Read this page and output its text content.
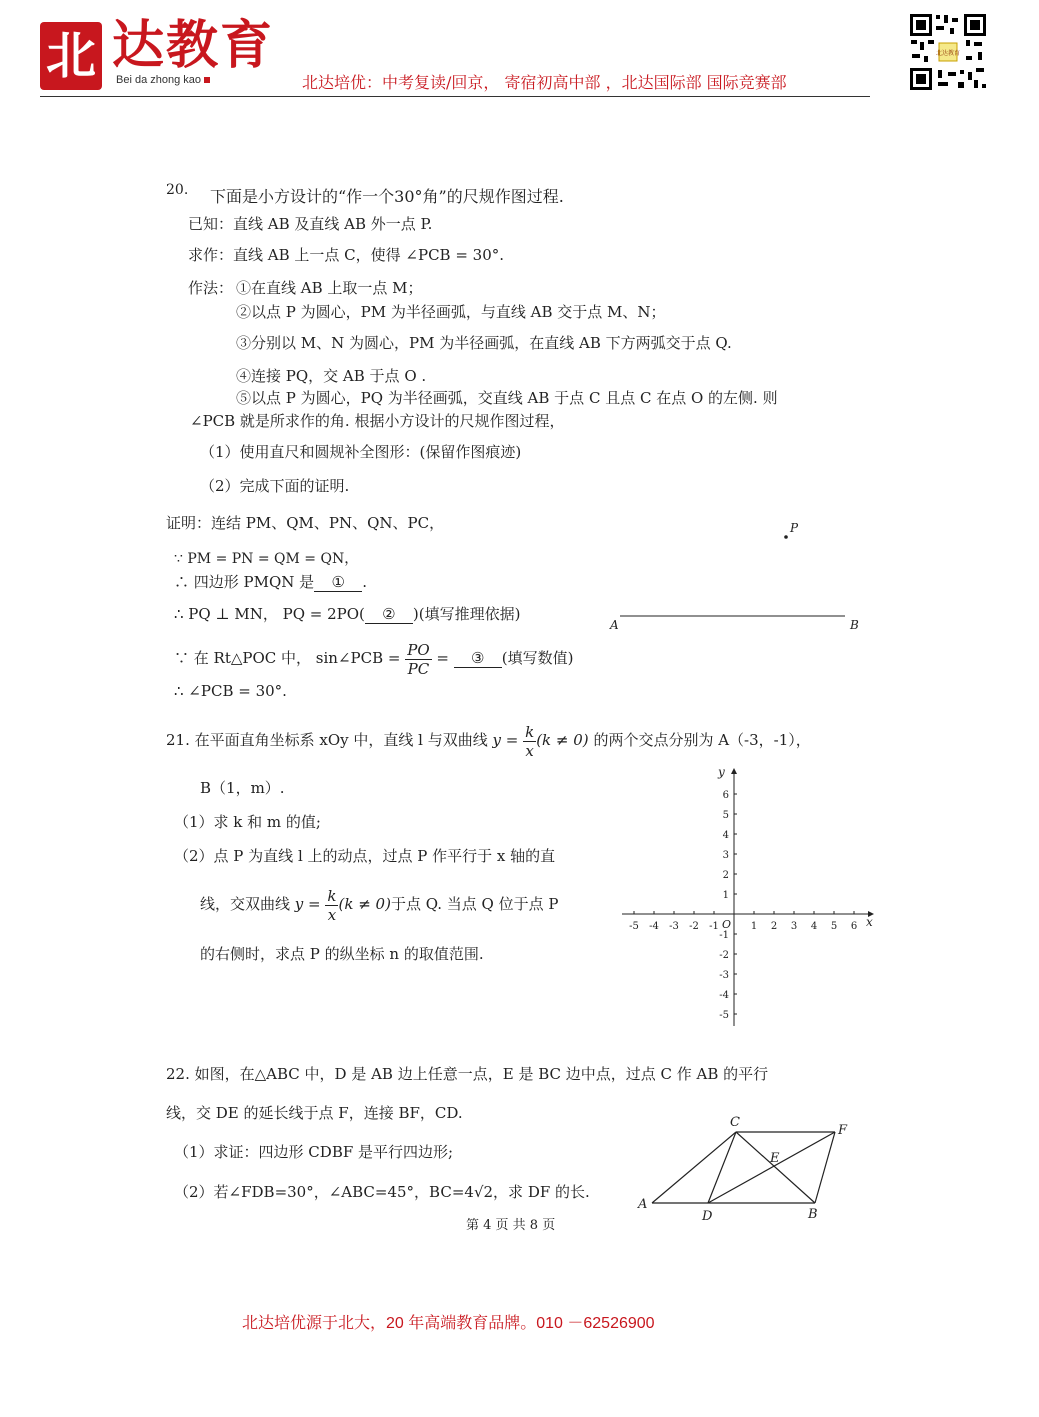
北 达教育
Bei da zhong kao	北达培优：中考复读/回京， 寄宿初高中部 ，北达国际部 国际竞赛部
北达教育
20. 下面是小方设计的“作一个30°角”的尺规作图过程.
已知：直线 AB 及直线 AB 外一点 P.
求作：直线 AB 上一点 C，使得 ∠PCB = 30°.
作法： ①在直线 AB 上取一点 M；
②以点 P 为圆心，PM 为半径画弧，与直线 AB 交于点 M、N；
③分别以 M、N 为圆心，PM 为半径画弧，在直线 AB 下方两弧交于点 Q.
④连接 PQ，交 AB 于点 O .
⑤以点 P 为圆心，PQ 为半径画弧，交直线 AB 于点 C 且点 C 在点 O 的左侧. 则
∠PCB 就是所求作的角. 根据小方设计的尺规作图过程，
（1）使用直尺和圆规补全图形：(保留作图痕迹)
（2）完成下面的证明.
证明：连结 PM、QM、PN、QN、PC，
∵ PM = PN = QM = QN，
∴ 四边形 PMQN 是 ① .
∴ PQ ⊥ MN， PQ = 2PO( ② )(填写推理依据)
∵ 在 Rt△POC 中， sin∠PCB = $\frac{PO}{PC}$ = ③ (填写数值)
∴ ∠PCB = 30°.
P
A	B
21. 在平面直角坐标系 xOy 中，直线 l 与双曲线 $y = \frac{k}{x} (k \ne 0)$ 的两个交点分别为 A（-3，-1），
B（1，m）.
（1）求 k 和 m 的值;
（2）点 P 为直线 l 上的动点，过点 P 作平行于 x 轴的直
线，交双曲线 $y = \frac{k}{x} (k \ne 0)$于点 Q. 当点 Q 位于点 P
的右侧时，求点 P 的纵坐标 n 的取值范围.
x
y
O
-5 -4 -3 -2 -1	1 2 3 4 5 6
6
5
4
3
2
1
-1
-2
-3
-4
-5
22. 如图，在△ABC 中，D 是 AB 边上任意一点，E 是 BC 边中点，过点 C 作 AB 的平行
线，交 DE 的延长线于点 F，连接 BF，CD.
（1）求证：四边形 CDBF 是平行四边形;
（2）若∠FDB=30°，∠ABC=45°，BC=4√2，求 DF 的长.
A
C
F
E
D	B
第 4 页 共 8 页
北达培优源于北大，20 年高端教育品牌。010 －62526900
